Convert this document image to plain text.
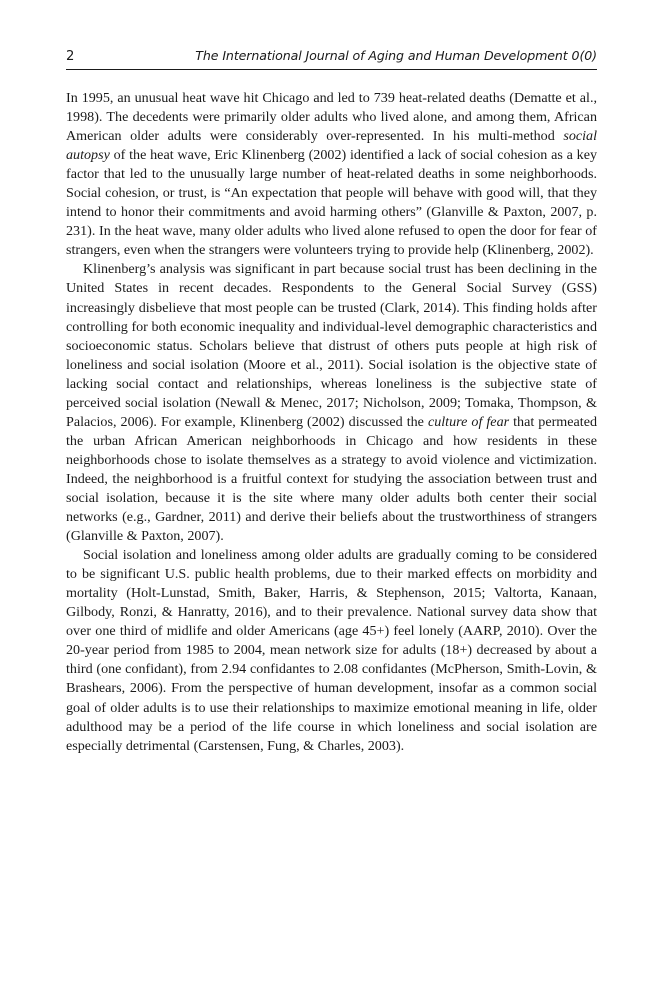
2	The International Journal of Aging and Human Development 0(0)

In 1995, an unusual heat wave hit Chicago and led to 739 heat-related deaths (Dematte et al., 1998). The decedents were primarily older adults who lived alone, and among them, African American older adults were considerably over-represented. In his multi-method social autopsy of the heat wave, Eric Klinenberg (2002) identified a lack of social cohesion as a key factor that led to the unusually large number of heat-related deaths in some neighborhoods. Social cohesion, or trust, is “An expectation that people will behave with good will, that they intend to honor their commitments and avoid harming others” (Glanville & Paxton, 2007, p. 231). In the heat wave, many older adults who lived alone refused to open the door for fear of strangers, even when the strangers were volunteers trying to provide help (Klinenberg, 2002).

Klinenberg’s analysis was significant in part because social trust has been declining in the United States in recent decades. Respondents to the General Social Survey (GSS) increasingly disbelieve that most people can be trusted (Clark, 2014). This finding holds after controlling for both economic inequality and individual-level demographic characteristics and socioeconomic status. Scholars believe that distrust of others puts people at high risk of loneliness and social isolation (Moore et al., 2011). Social isolation is the objective state of lacking social contact and relationships, whereas loneliness is the subjective state of perceived social isolation (Newall & Menec, 2017; Nicholson, 2009; Tomaka, Thompson, & Palacios, 2006). For example, Klinenberg (2002) discussed the culture of fear that permeated the urban African American neighborhoods in Chicago and how residents in these neighborhoods chose to isolate themselves as a strategy to avoid violence and victimization. Indeed, the neighborhood is a fruitful context for studying the association between trust and social isolation, because it is the site where many older adults both center their social networks (e.g., Gardner, 2011) and derive their beliefs about the trustworthiness of strangers (Glanville & Paxton, 2007).

Social isolation and loneliness among older adults are gradually coming to be considered to be significant U.S. public health problems, due to their marked effects on morbidity and mortality (Holt-Lunstad, Smith, Baker, Harris, & Stephenson, 2015; Valtorta, Kanaan, Gilbody, Ronzi, & Hanratty, 2016), and to their prevalence. National survey data show that over one third of midlife and older Americans (age 45+) feel lonely (AARP, 2010). Over the 20-year period from 1985 to 2004, mean network size for adults (18+) decreased by about a third (one confidant), from 2.94 confidantes to 2.08 confidantes (McPherson, Smith-Lovin, & Brashears, 2006). From the perspective of human development, insofar as a common social goal of older adults is to use their relationships to maximize emotional meaning in life, older adulthood may be a period of the life course in which loneliness and social isolation are especially detrimental (Carstensen, Fung, & Charles, 2003).
